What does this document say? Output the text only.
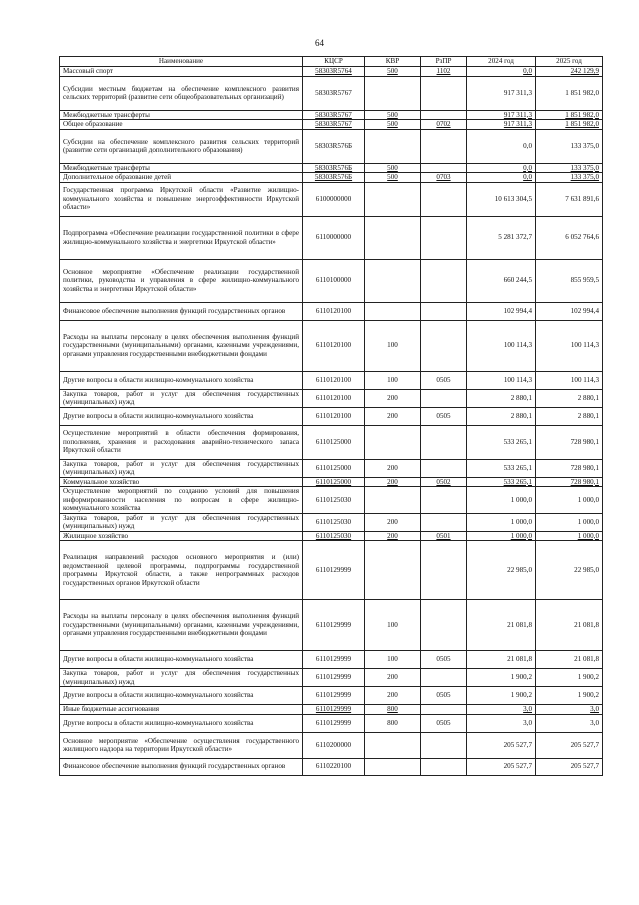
64
Наименование	КЦСР	КВР	РзПР	2024 год	2025 год
Массовый спорт	58303R5764	500	1102	0,0	242 129,9
Субсидии местным бюджетам на обеспечение комплексного развития сельских территорий (развитие сети общеобразовательных организаций)	58303R5767			917 311,3	1 851 982,0
Межбюджетные трансферты	58303R5767	500		917 311,3	1 851 982,0
Общее образование	58303R5767	500	0702	917 311,3	1 851 982,0
Субсидии на обеспечение комплексного развития сельских территорий (развитие сети организаций дополнительного образования)	58303R576Б			0,0	133 375,0
Межбюджетные трансферты	58303R576Б	500		0,0	133 375,0
Дополнительное образование детей	58303R576Б	500	0703	0,0	133 375,0
Государственная программа Иркутской области «Развитие жилищно-коммунального хозяйства и повышение энергоэффективности Иркутской области»	6100000000			10 613 304,5	7 631 891,6
Подпрограмма «Обеспечение реализации государственной политики в сфере жилищно-коммунального хозяйства и энергетики Иркутской области»	6110000000			5 281 372,7	6 052 764,6
Основное мероприятие «Обеспечение реализации государственной политики, руководства и управления в сфере жилищно-коммунального хозяйства и энергетики Иркутской области»	6110100000			660 244,5	855 959,5
Финансовое обеспечение выполнения функций государственных органов	6110120100			102 994,4	102 994,4
Расходы на выплаты персоналу в целях обеспечения выполнения функций государственными (муниципальными) органами, казенными учреждениями, органами управления государственными внебюджетными фондами	6110120100	100		100 114,3	100 114,3
Другие вопросы в области жилищно-коммунального хозяйства	6110120100	100	0505	100 114,3	100 114,3
Закупка товаров, работ и услуг для обеспечения государственных (муниципальных) нужд	6110120100	200		2 880,1	2 880,1
Другие вопросы в области жилищно-коммунального хозяйства	6110120100	200	0505	2 880,1	2 880,1
Осуществление мероприятий в области обеспечения формирования, пополнения, хранения и расходования аварийно-технического запаса Иркутской области	6110125000			533 265,1	728 980,1
Закупка товаров, работ и услуг для обеспечения государственных (муниципальных) нужд	6110125000	200		533 265,1	728 980,1
Коммунальное хозяйство	6110125000	200	0502	533 265,1	728 980,1
Осуществление мероприятий по созданию условий для повышения информированности населения по вопросам в сфере жилищно-коммунального хозяйства	6110125030			1 000,0	1 000,0
Закупка товаров, работ и услуг для обеспечения государственных (муниципальных) нужд	6110125030	200		1 000,0	1 000,0
Жилищное хозяйство	6110125030	200	0501	1 000,0	1 000,0
Реализация направлений расходов основного мероприятия и (или) ведомственной целевой программы, подпрограммы государственной программы Иркутской области, а также непрограммных расходов государственных органов Иркутской области	6110129999			22 985,0	22 985,0
Расходы на выплаты персоналу в целях обеспечения выполнения функций государственными (муниципальными) органами, казенными учреждениями, органами управления государственными внебюджетными фондами	6110129999	100		21 081,8	21 081,8
Другие вопросы в области жилищно-коммунального хозяйства	6110129999	100	0505	21 081,8	21 081,8
Закупка товаров, работ и услуг для обеспечения государственных (муниципальных) нужд	6110129999	200		1 900,2	1 900,2
Другие вопросы в области жилищно-коммунального хозяйства	6110129999	200	0505	1 900,2	1 900,2
Иные бюджетные ассигнования	6110129999	800		3,0	3,0
Другие вопросы в области жилищно-коммунального хозяйства	6110129999	800	0505	3,0	3,0
Основное мероприятие «Обеспечение осуществления государственного жилищного надзора на территории Иркутской области»	6110200000			205 527,7	205 527,7
Финансовое обеспечение выполнения функций государственных органов	6110220100			205 527,7	205 527,7
